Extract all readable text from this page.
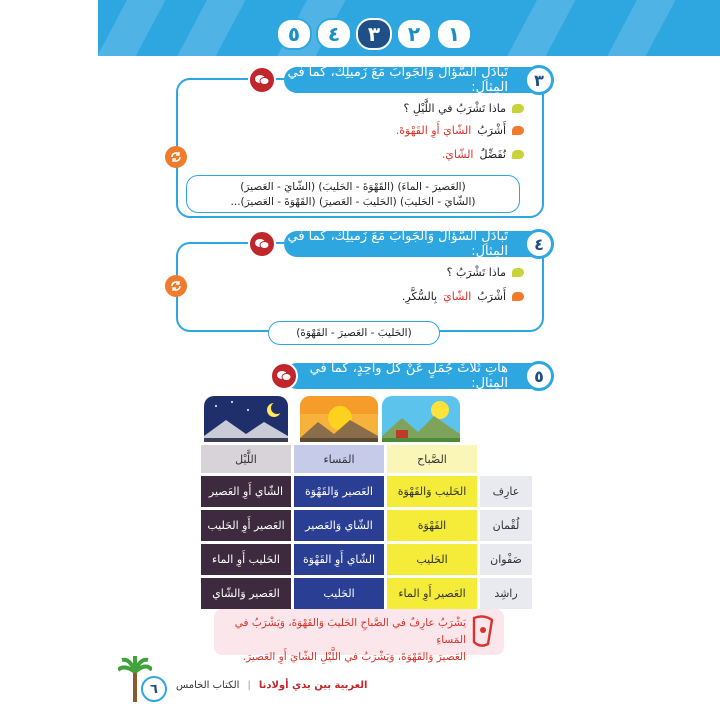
٥	٤	٣	٢	١
تَبادَلِ السُّؤالَ وَالجَوابَ مَعَ زَميلِكَ، كَما في المِثالِ:	٣
ماذا تَشْرَبُ في اللَّيْلِ ؟
أَشْرَبُ
الشّايَ أَوِ القَهْوَةَ.
نُفَضِّلُ
الشّايَ.
(العَصيرَ - الماءَ) (القَهْوَةَ - الحَليبَ) (الشّايَ - العَصيرَ)
(الشّايَ - الحَليبَ) (الحَليبَ - العَصيرَ) (القَهْوَةَ - العَصيرَ)...
تَبادَلِ السُّؤالَ وَالجَوابَ مَعَ زَميلِكَ، كَما في المِثالِ:	٤
ماذا تَشْرَبُ ؟
أَشْرَبُ
الشّايَ
بِالسُّكَّرِ.
(الحَليبَ - العَصيرَ - القَهْوَةَ)
هاتِ ثَلاثَ جُمَلٍ عَنْ كُلِّ واحِدٍ، كَما في المِثالِ:	٥
	الصَّباح	المَساء	اللَّيْل
عارِف	الحَليب وَالقَهْوَة	العَصير وَالقَهْوَة	الشّاي أَوِ العَصير
لُقْمان	القَهْوَة	الشّاي وَالعَصير	العَصير أَوِ الحَليب
صَفْوان	الحَليب	الشّاي أَوِ القَهْوَة	الحَليب أَوِ الماء
راشِد	العَصير أَوِ الماء	الحَليب	العَصير وَالشّاي
يَشْرَبُ عارِفٌ في الصَّباحِ الحَليبَ وَالقَهْوَةَ، وَيَشْرَبُ في المَساءِ
العَصيرَ وَالقَهْوَةَ، وَيَشْرَبُ في اللَّيْلِ الشّايَ أَوِ العَصيرَ.
٦	العربية بين يدي أولادنا
|
الكتاب الخامس
